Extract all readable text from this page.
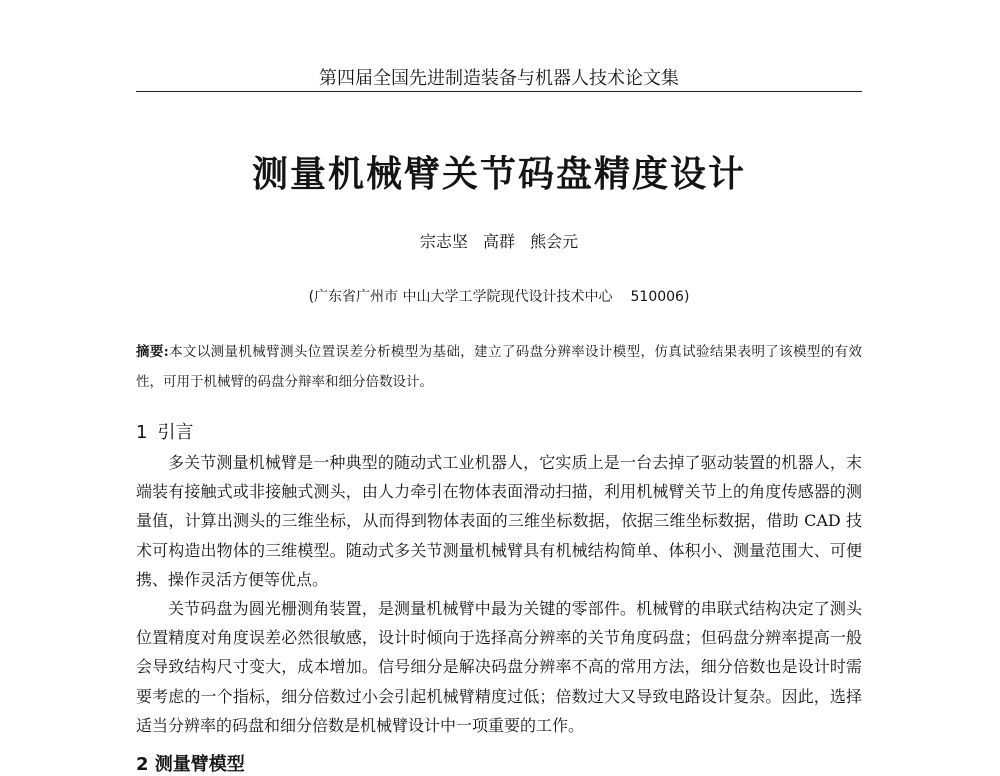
第四届全国先进制造装备与机器人技术论文集
测量机械臂关节码盘精度设计
宗志坚 高群 熊会元
(广东省广州市 中山大学工学院现代设计技术中心 510006)
摘要:本文以测量机械臂测头位置误差分析模型为基础，建立了码盘分辨率设计模型，仿真试验结果表明了该模型的有效性，可用于机械臂的码盘分辩率和细分倍数设计。
1 引言

多关节测量机械臂是一种典型的随动式工业机器人，它实质上是一台去掉了驱动装置的机器人，末端装有接触式或非接触式测头，由人力牵引在物体表面滑动扫描，利用机械臂关节上的角度传感器的测量值，计算出测头的三维坐标，从而得到物体表面的三维坐标数据，依据三维坐标数据，借助 CAD 技术可构造出物体的三维模型。随动式多关节测量机械臂具有机械结构简单、体积小、测量范围大、可便携、操作灵活方便等优点。

关节码盘为圆光栅测角装置，是测量机械臂中最为关键的零部件。机械臂的串联式结构决定了测头位置精度对角度误差必然很敏感，设计时倾向于选择高分辨率的关节角度码盘；但码盘分辨率提高一般会导致结构尺寸变大，成本增加。信号细分是解决码盘分辨率不高的常用方法，细分倍数也是设计时需要考虑的一个指标，细分倍数过小会引起机械臂精度过低；倍数过大又导致电路设计复杂。因此，选择适当分辨率的码盘和细分倍数是机械臂设计中一项重要的工作。

2 测量臂模型
